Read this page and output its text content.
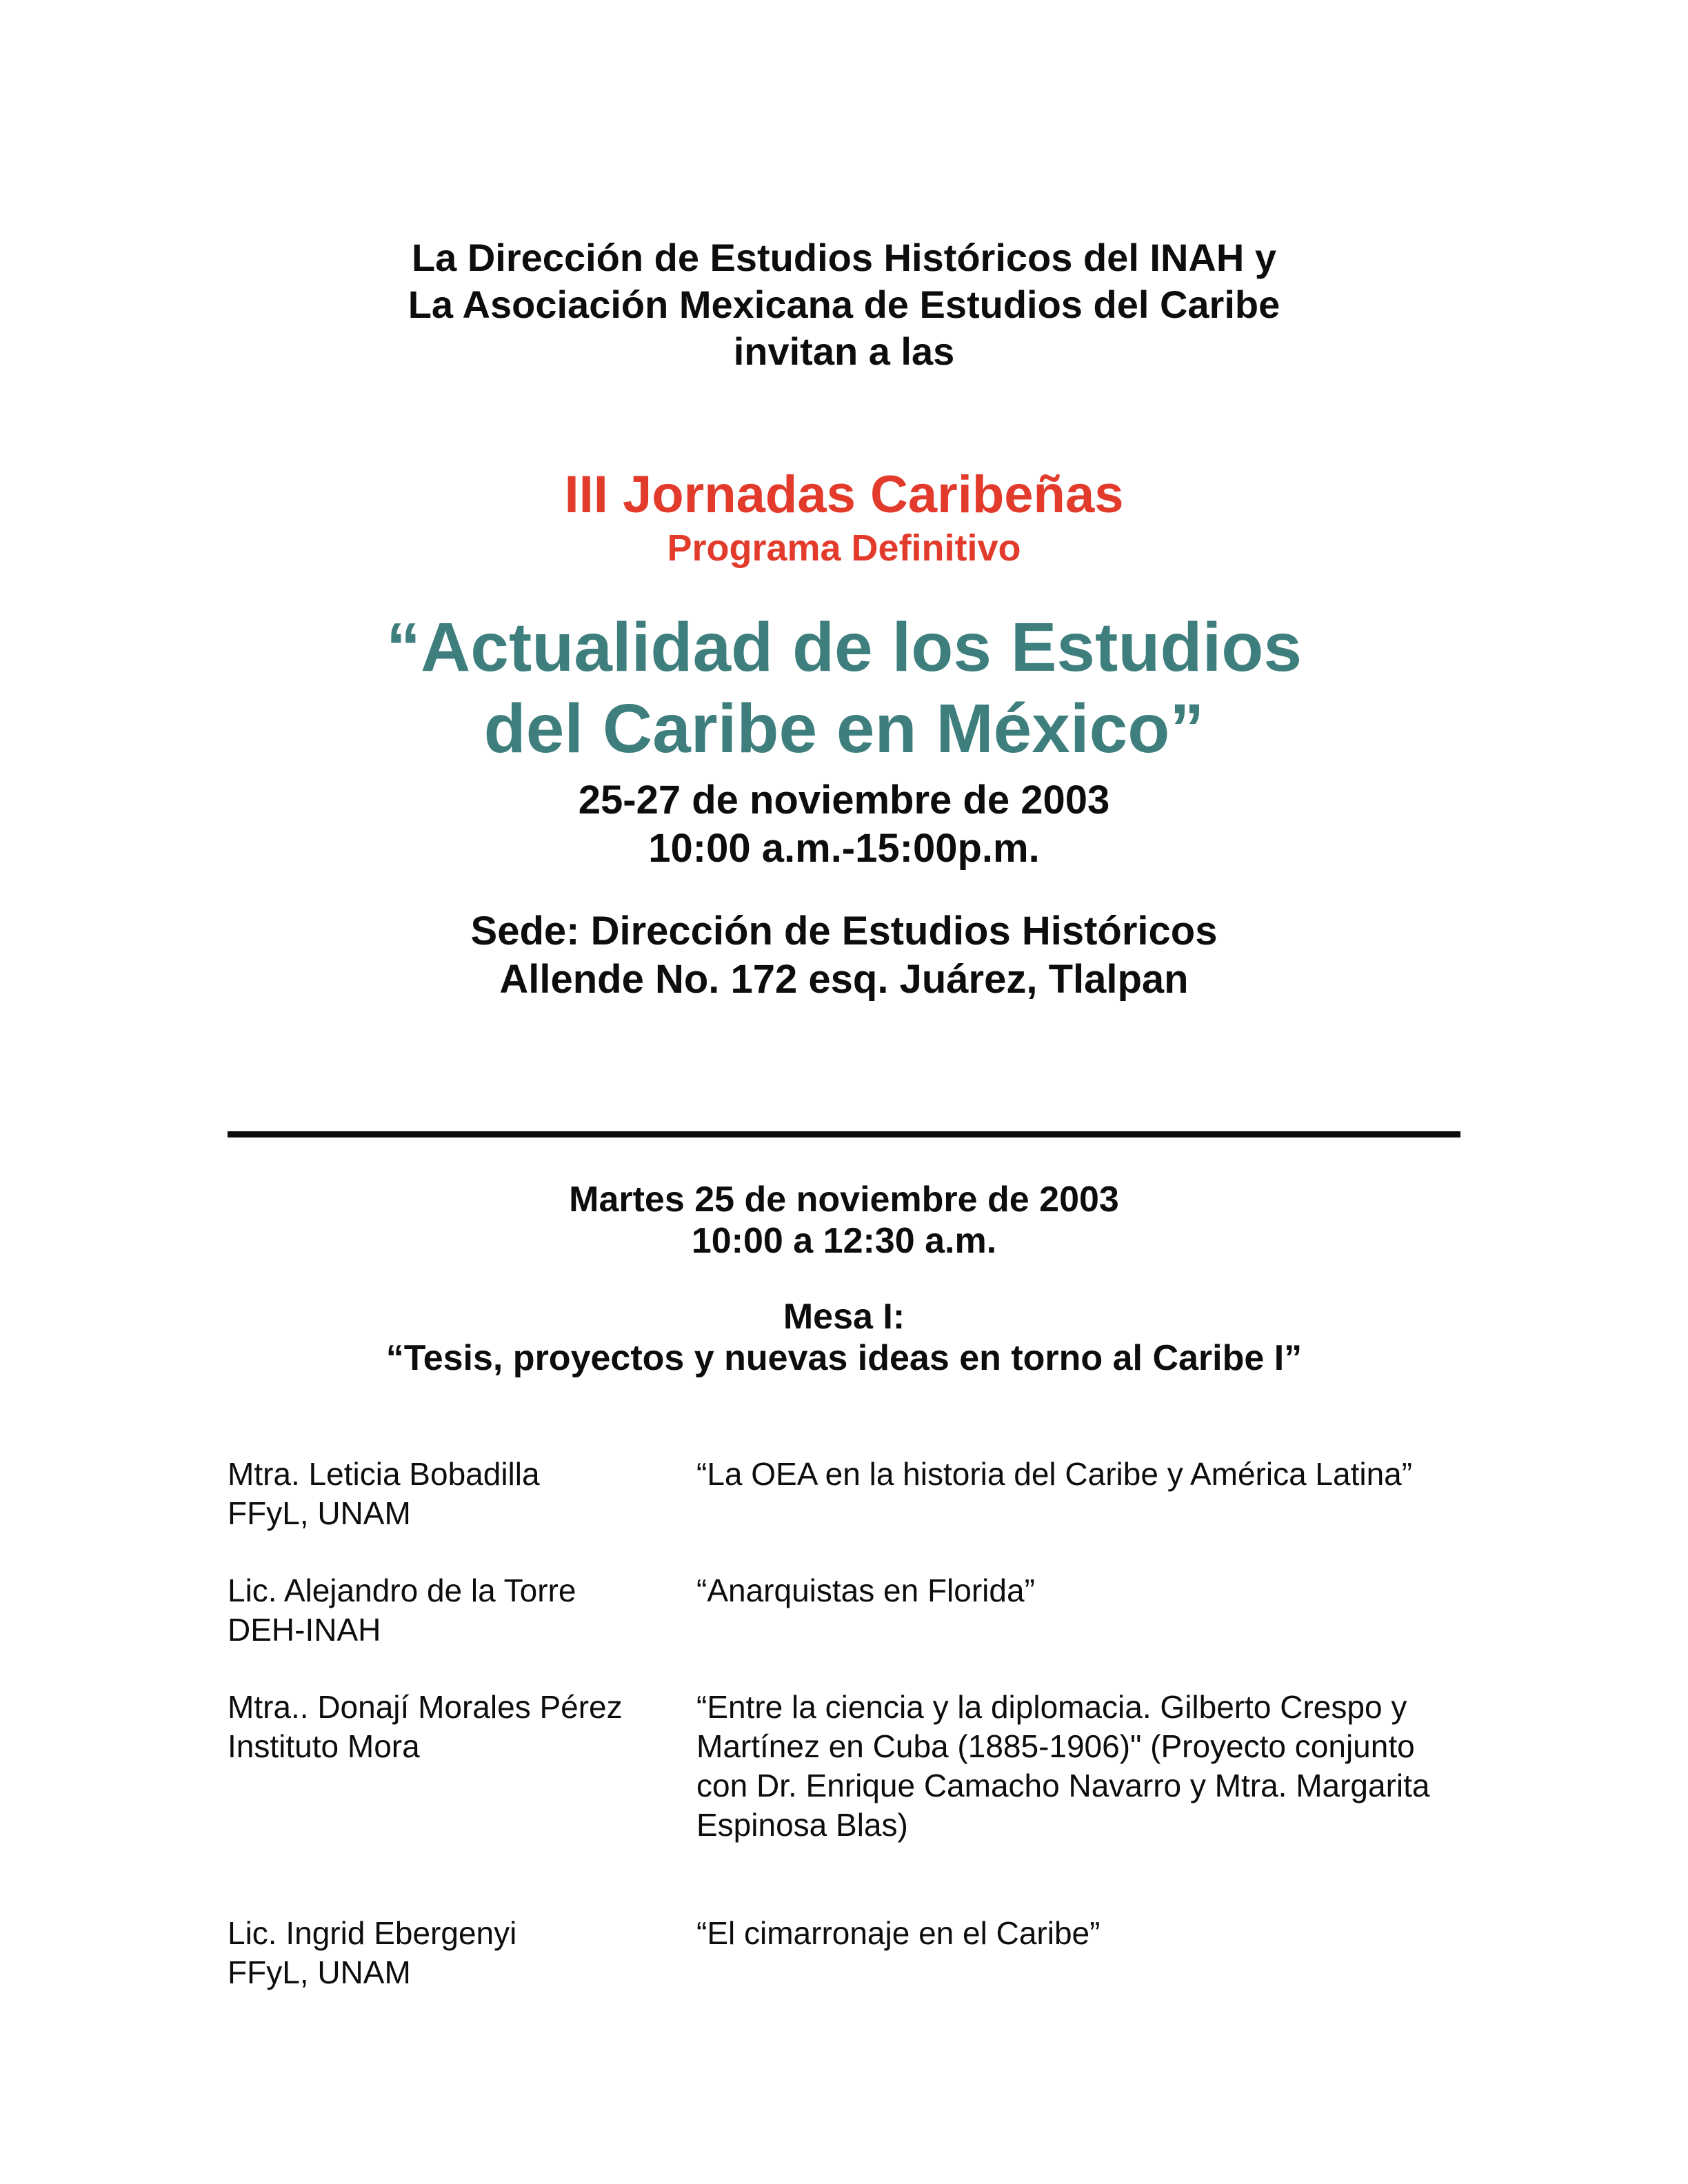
La Dirección de Estudios Históricos del INAH y
La Asociación Mexicana de Estudios del Caribe
invitan a las
III Jornadas Caribeñas
Programa Definitivo
“Actualidad de los Estudios
del Caribe en México”
25-27 de noviembre de 2003
10:00 a.m.-15:00p.m.
Sede: Dirección de Estudios Históricos
Allende No. 172 esq. Juárez, Tlalpan
Martes 25 de noviembre de 2003
10:00 a 12:30 a.m.
Mesa I:
“Tesis, proyectos y nuevas ideas en torno al Caribe I”
Mtra. Leticia Bobadilla
FFyL, UNAM
“La OEA en la historia del Caribe y América Latina”
Lic. Alejandro de la Torre
DEH-INAH
“Anarquistas en Florida”
Mtra.. Donají Morales Pérez
Instituto Mora
“Entre la ciencia y la diplomacia. Gilberto Crespo y Martínez en Cuba (1885-1906)" (Proyecto conjunto con Dr. Enrique Camacho Navarro y Mtra. Margarita Espinosa Blas)
Lic. Ingrid Ebergenyi
FFyL, UNAM
“El cimarronaje en el Caribe”
